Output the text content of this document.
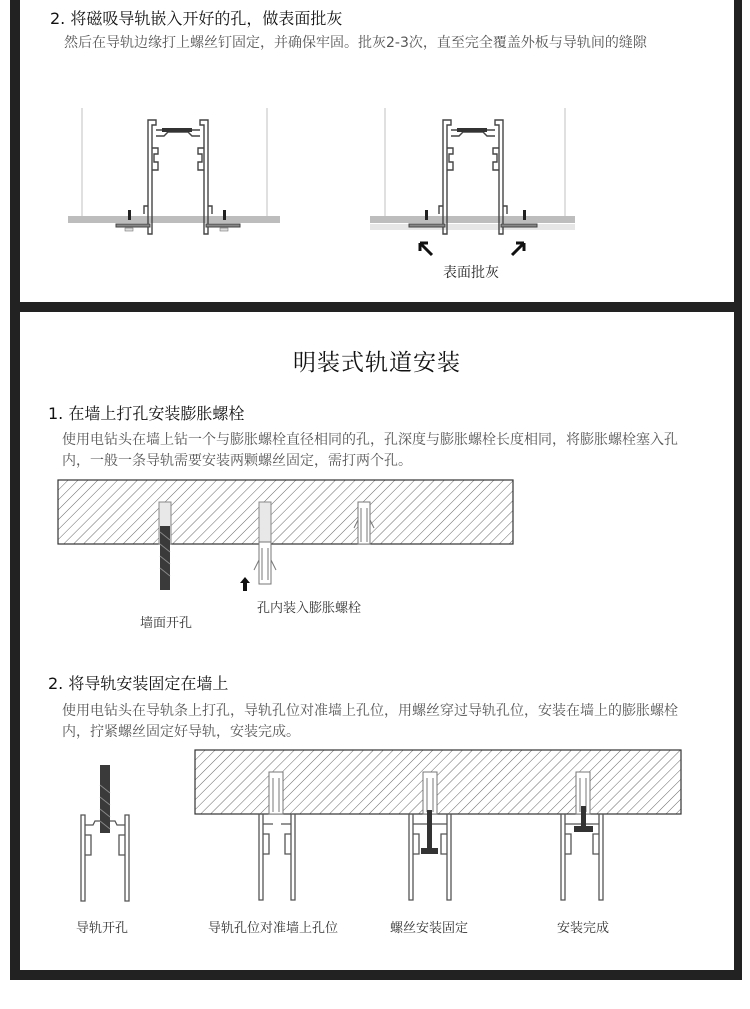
2. 将磁吸导轨嵌入开好的孔，做表面批灰
然后在导轨边缘打上螺丝钉固定，并确保牢固。批灰2-3次，直至完全覆盖外板与导轨间的缝隙
表面批灰
明装式轨道安装
1. 在墙上打孔安装膨胀螺栓
使用电钻头在墙上钻一个与膨胀螺栓直径相同的孔，孔深度与膨胀螺栓长度相同，将膨胀螺栓塞入孔内，一般一条导轨需要安装两颗螺丝固定，需打两个孔。
2. 将导轨安装固定在墙上
使用电钻头在导轨条上打孔，导轨孔位对准墙上孔位，用螺丝穿过导轨孔位，安装在墙上的膨胀螺栓内，拧紧螺丝固定好导轨，安装完成。
墙面开孔
孔内装入膨胀螺栓
导轨开孔	导轨孔位对准墙上孔位	螺丝安装固定	安装完成
